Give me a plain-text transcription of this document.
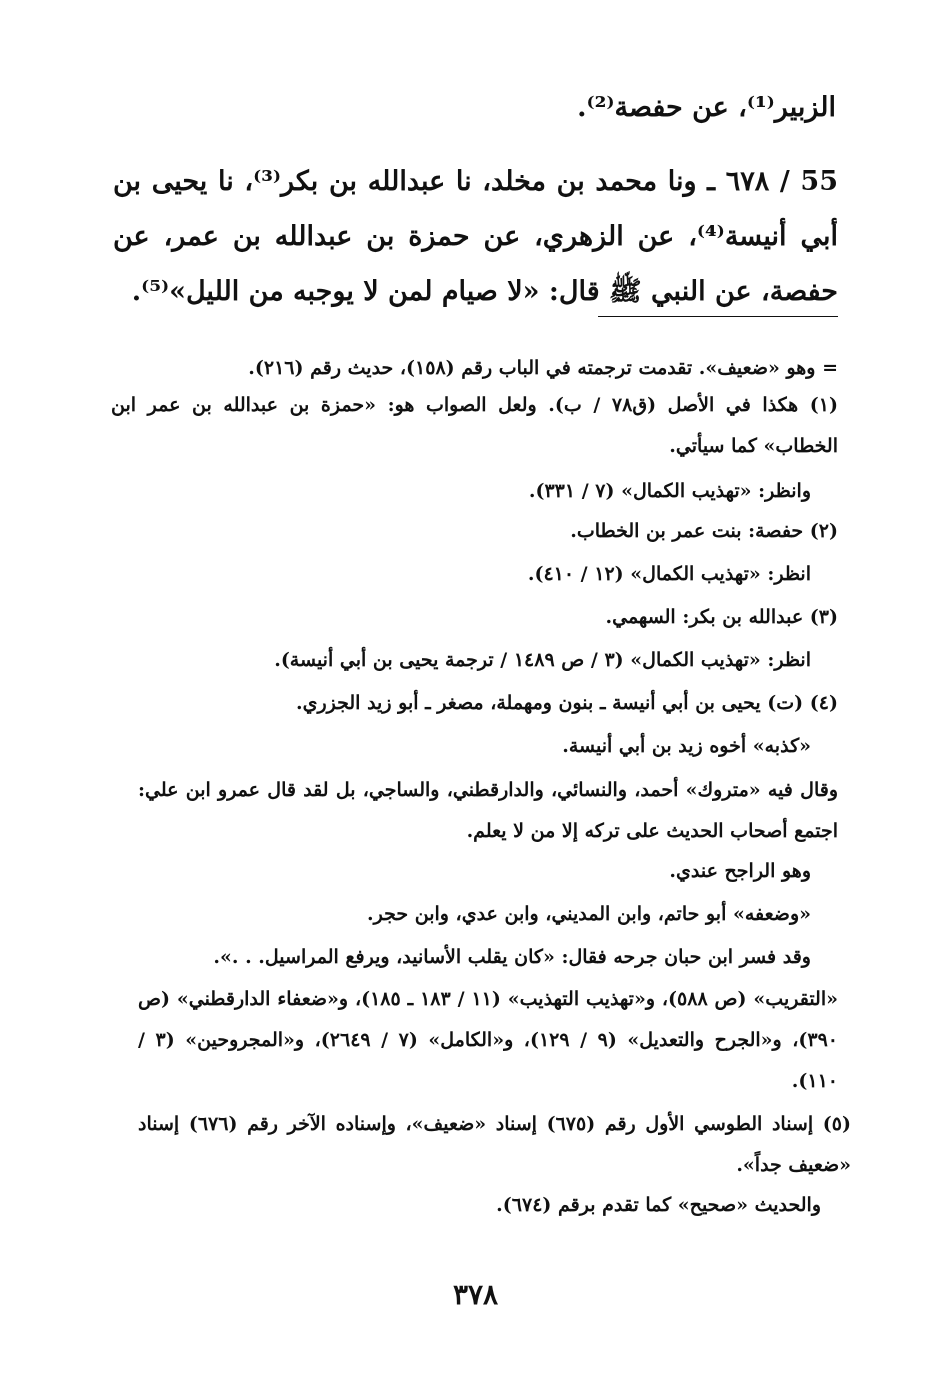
الزبير⁽¹⁾، عن حفصة⁽²⁾.
55 / ٦٧٨ ـ ونا محمد بن مخلد، نا عبدالله بن بكر⁽³⁾، نا يحيى بن أبي أنيسة⁽⁴⁾، عن الزهري، عن حمزة بن عبدالله بن عمر، عن حفصة، عن النبي ﷺ قال: «لا صيام لمن لا يوجبه من الليل»⁽⁵⁾.
= وهو «ضعيف». تقدمت ترجمته في الباب رقم (١٥٨)، حديث رقم (٢١٦).
(١) هكذا في الأصل (ق٧٨ / ب). ولعل الصواب هو: «حمزة بن عبدالله بن عمر ابن الخطاب» كما سيأتي.
وانظر: «تهذيب الكمال» (٧ / ٣٣١).
(٢) حفصة: بنت عمر بن الخطاب.
انظر: «تهذيب الكمال» (١٢ / ٤١٠).
(٣) عبدالله بن بكر: السهمي.
انظر: «تهذيب الكمال» (٣ / ص ١٤٨٩ / ترجمة يحيى بن أبي أنيسة).
(٤) (ت) يحيى بن أبي أنيسة ـ بنون ومهملة، مصغر ـ أبو زيد الجزري.
«كذبه» أخوه زيد بن أبي أنيسة.
وقال فيه «متروك» أحمد، والنسائي، والدارقطني، والساجي، بل لقد قال عمرو ابن علي: اجتمع أصحاب الحديث على تركه إلا من لا يعلم.
وهو الراجح عندي.
«وضعفه» أبو حاتم، وابن المديني، وابن عدي، وابن حجر.
وقد فسر ابن حبان جرحه فقال: «كان يقلب الأسانيد، ويرفع المراسيل. . .».
«التقريب» (ص ٥٨٨)، و«تهذيب التهذيب» (١١ / ١٨٣ ـ ١٨٥)، و«ضعفاء الدارقطني» (ص ٣٩٠)، و«الجرح والتعديل» (٩ / ١٢٩)، و«الكامل» (٧ / ٢٦٤٩)، و«المجروحين» (٣ / ١١٠).
(٥) إسناد الطوسي الأول رقم (٦٧٥) إسناد «ضعيف»، وإسناده الآخر رقم (٦٧٦) إسناد «ضعيف جداً».
والحديث «صحيح» كما تقدم برقم (٦٧٤).
٣٧٨
